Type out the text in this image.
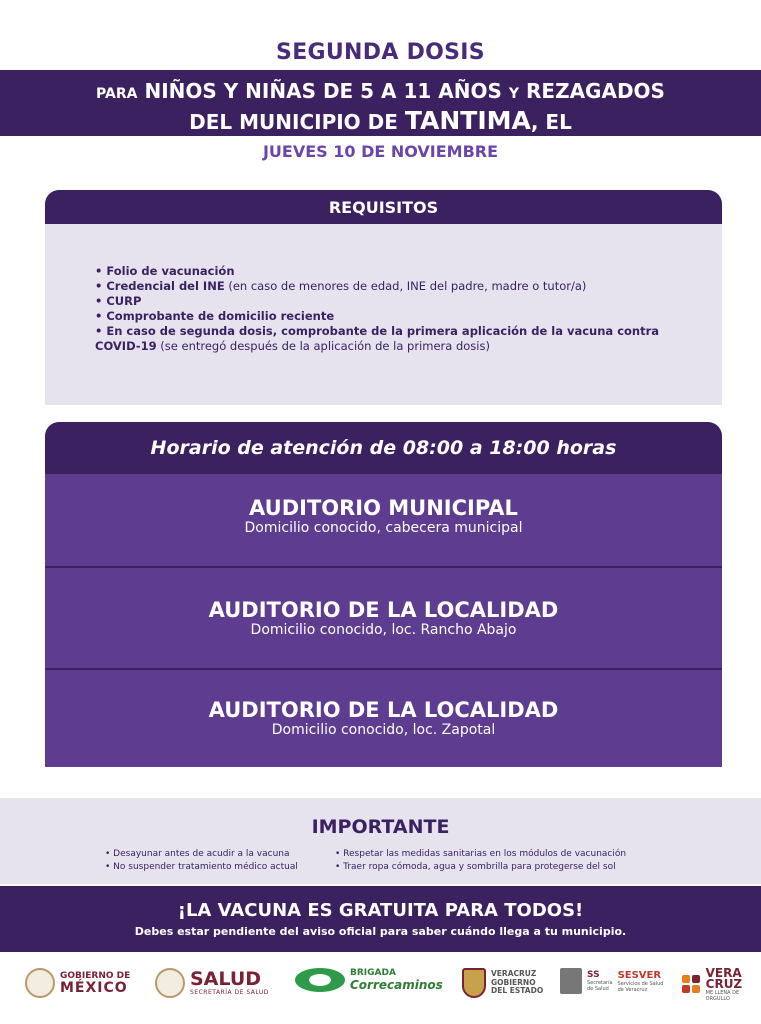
SEGUNDA DOSIS
PARA NIÑOS Y NIÑAS DE 5 A 11 AÑOS Y REZAGADOS
DEL MUNICIPIO DE TANTIMA, EL
JUEVES 10 DE NOVIEMBRE
REQUISITOS
• Folio de vacunación
• Credencial del INE (en caso de menores de edad, INE del padre, madre o tutor/a)
• CURP
• Comprobante de domicilio reciente
• En caso de segunda dosis, comprobante de la primera aplicación de la vacuna contra COVID-19 (se entregó después de la aplicación de la primera dosis)
Horario de atención de 08:00 a 18:00 horas
AUDITORIO MUNICIPAL
Domicilio conocido, cabecera municipal
AUDITORIO DE LA LOCALIDAD
Domicilio conocido, loc. Rancho Abajo
AUDITORIO DE LA LOCALIDAD
Domicilio conocido, loc. Zapotal
IMPORTANTE
• Desayunar antes de acudir a la vacuna
• No suspender tratamiento médico actual
• Respetar las medidas sanitarias en los módulos de vacunación
• Traer ropa cómoda, agua y sombrilla para protegerse del sol
¡LA VACUNA ES GRATUITA PARA TODOS!
Debes estar pendiente del aviso oficial para saber cuándo llega a tu municipio.
GOBIERNO DE
MÉXICO	SALUD
SECRETARÍA DE SALUD
BRIGADA
Correcaminos
VERACRUZ
GOBIERNO
DEL ESTADO
SS
Secretaría
de Salud
SESVER
Servicios de Salud
de Veracruz
VERA
CRUZ
ME LLENA DE ORGULLO
